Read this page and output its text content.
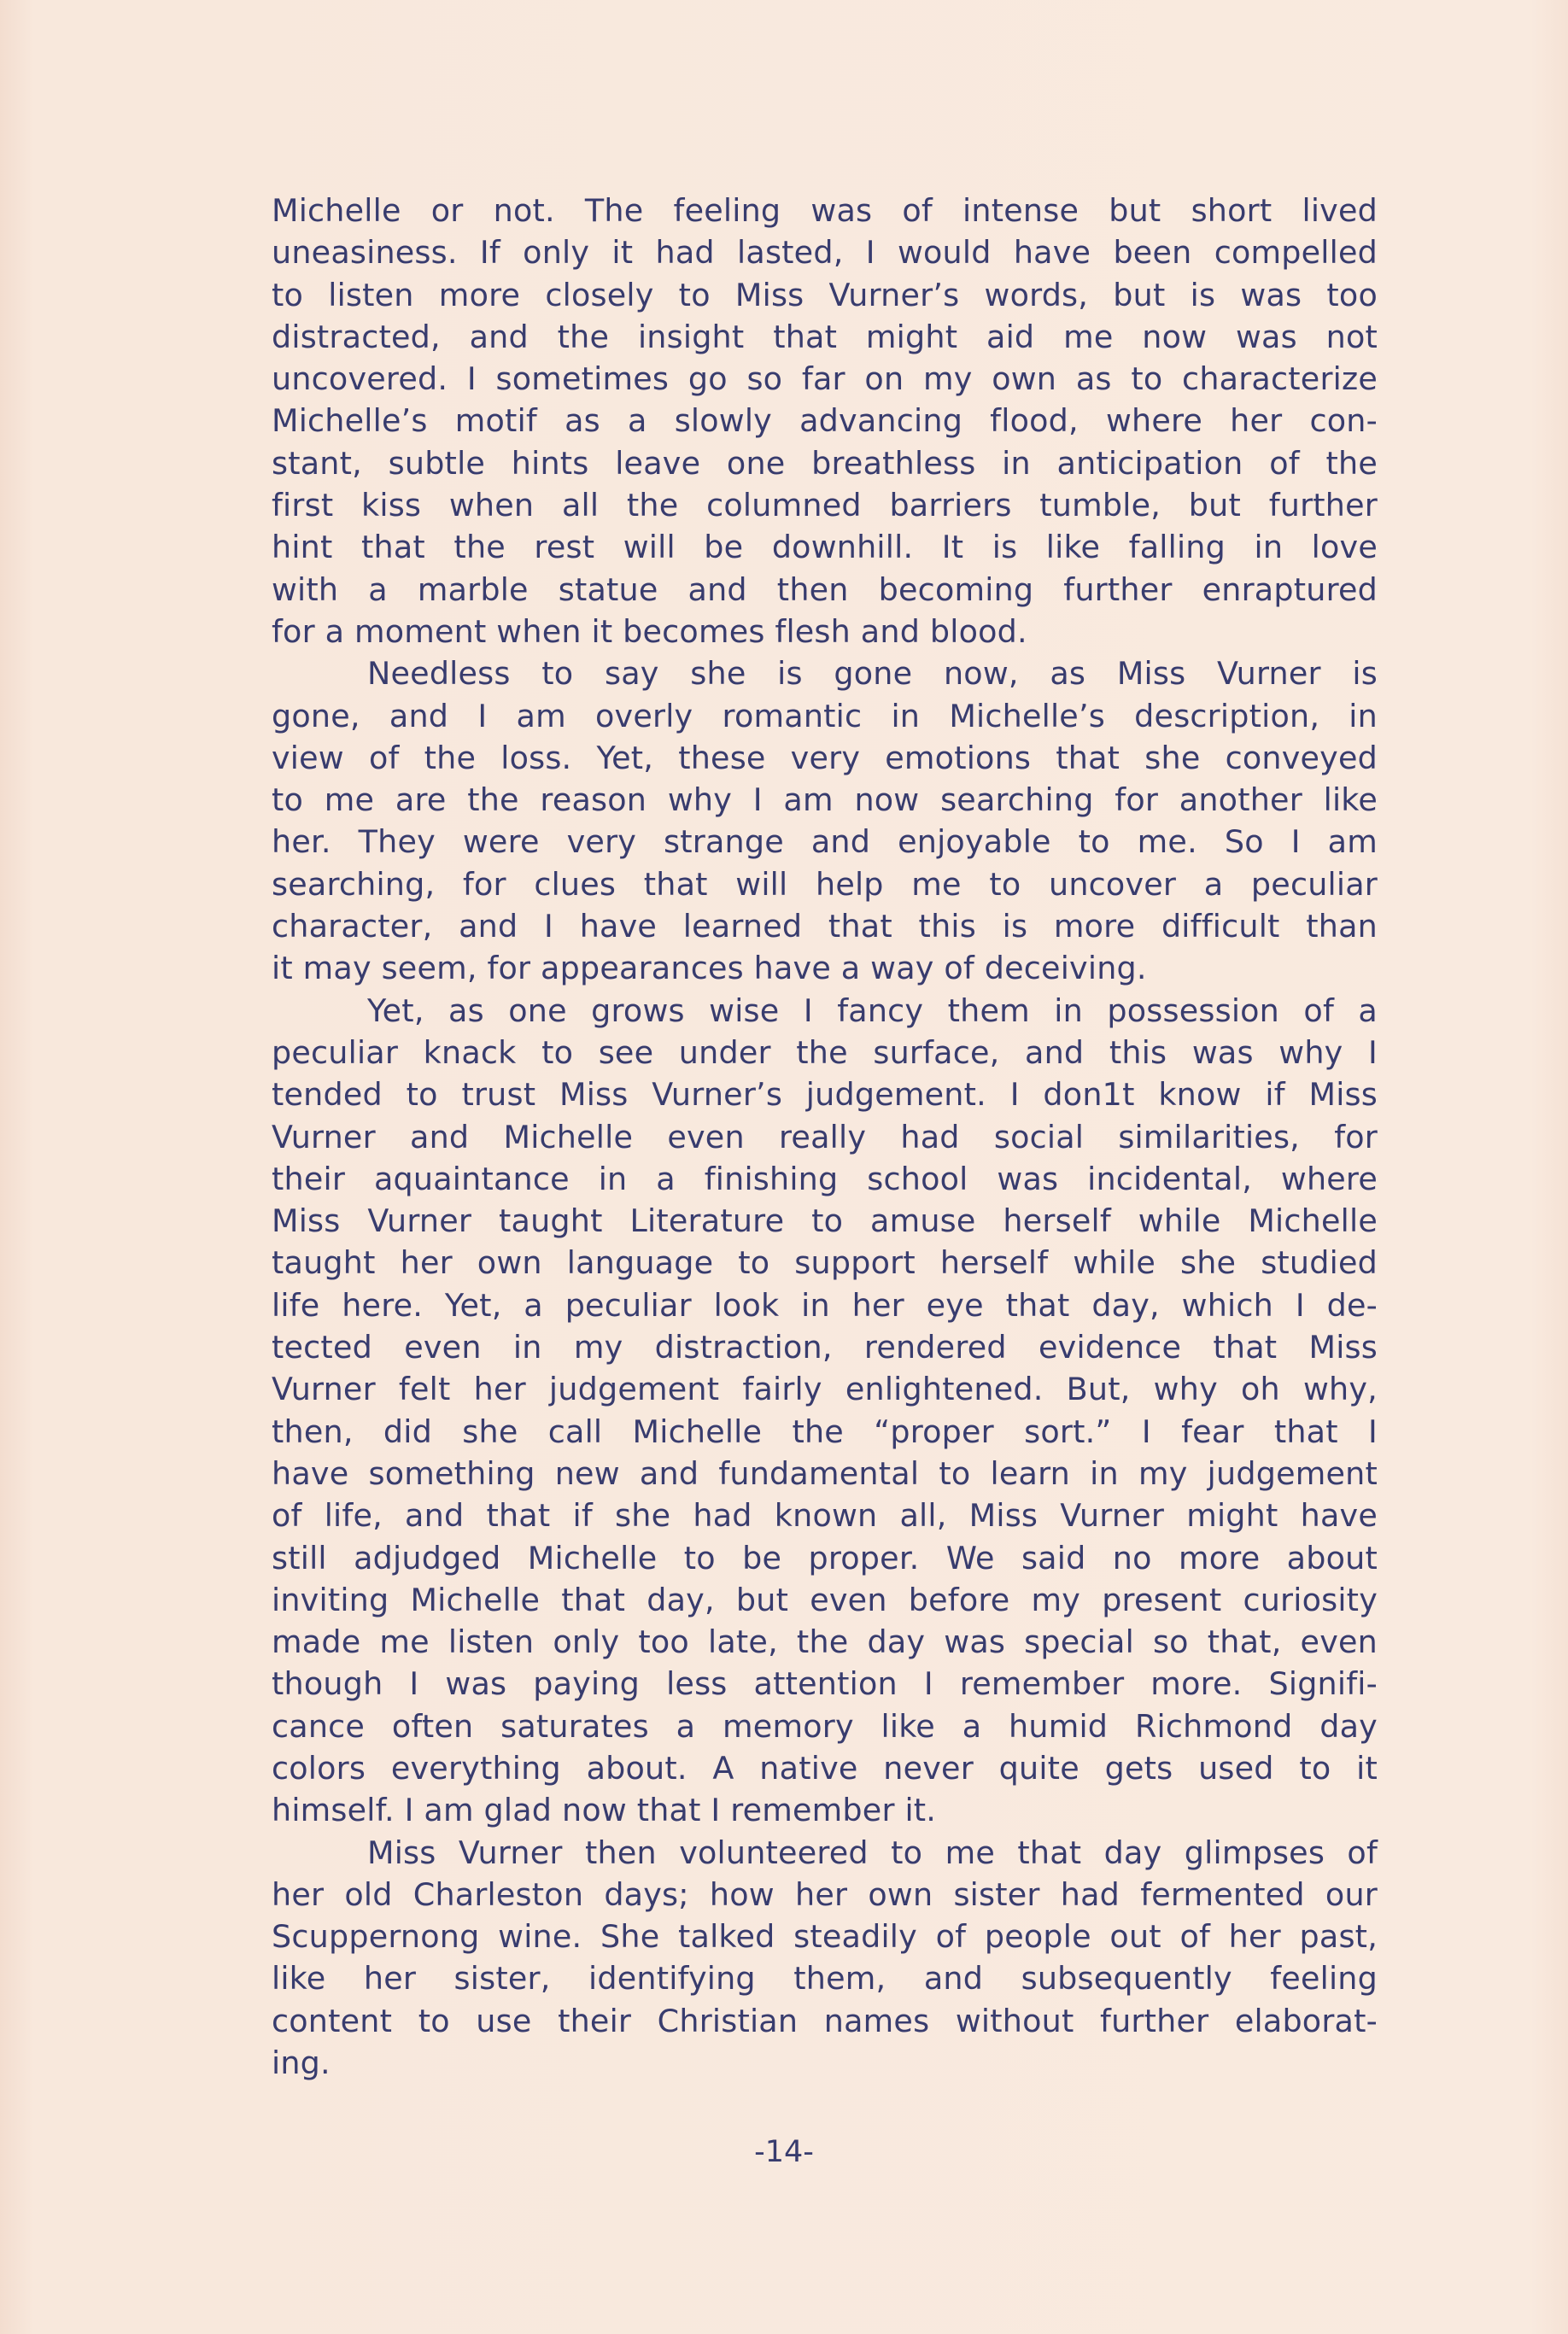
Michelle or not. The feeling was of intense but short lived
uneasiness. If only it had lasted, I would have been compelled
to listen more closely to Miss Vurner’s words, but is was too
distracted, and the insight that might aid me now was not
uncovered. I sometimes go so far on my own as to characterize
Michelle’s motif as a slowly advancing flood, where her con-
stant, subtle hints leave one breathless in anticipation of the
first kiss when all the columned barriers tumble, but further
hint that the rest will be downhill. It is like falling in love
with a marble statue and then becoming further enraptured
for a moment when it becomes flesh and blood.
Needless to say she is gone now, as Miss Vurner is
gone, and I am overly romantic in Michelle’s description, in
view of the loss. Yet, these very emotions that she conveyed
to me are the reason why I am now searching for another like
her. They were very strange and enjoyable to me. So I am
searching, for clues that will help me to uncover a peculiar
character, and I have learned that this is more difficult than
it may seem, for appearances have a way of deceiving.
Yet, as one grows wise I fancy them in possession of a
peculiar knack to see under the surface, and this was why I
tended to trust Miss Vurner’s judgement. I don1t know if Miss
Vurner and Michelle even really had social similarities, for
their aquaintance in a finishing school was incidental, where
Miss Vurner taught Literature to amuse herself while Michelle
taught her own language to support herself while she studied
life here. Yet, a peculiar look in her eye that day, which I de-
tected even in my distraction, rendered evidence that Miss
Vurner felt her judgement fairly enlightened. But, why oh why,
then, did she call Michelle the “proper sort.” I fear that I
have something new and fundamental to learn in my judgement
of life, and that if she had known all, Miss Vurner might have
still adjudged Michelle to be proper. We said no more about
inviting Michelle that day, but even before my present curiosity
made me listen only too late, the day was special so that, even
though I was paying less attention I remember more. Signifi-
cance often saturates a memory like a humid Richmond day
colors everything about. A native never quite gets used to it
himself. I am glad now that I remember it.
Miss Vurner then volunteered to me that day glimpses of
her old Charleston days; how her own sister had fermented our
Scuppernong wine. She talked steadily of people out of her past,
like her sister, identifying them, and subsequently feeling
content to use their Christian names without further elaborat-
ing.
-14-
